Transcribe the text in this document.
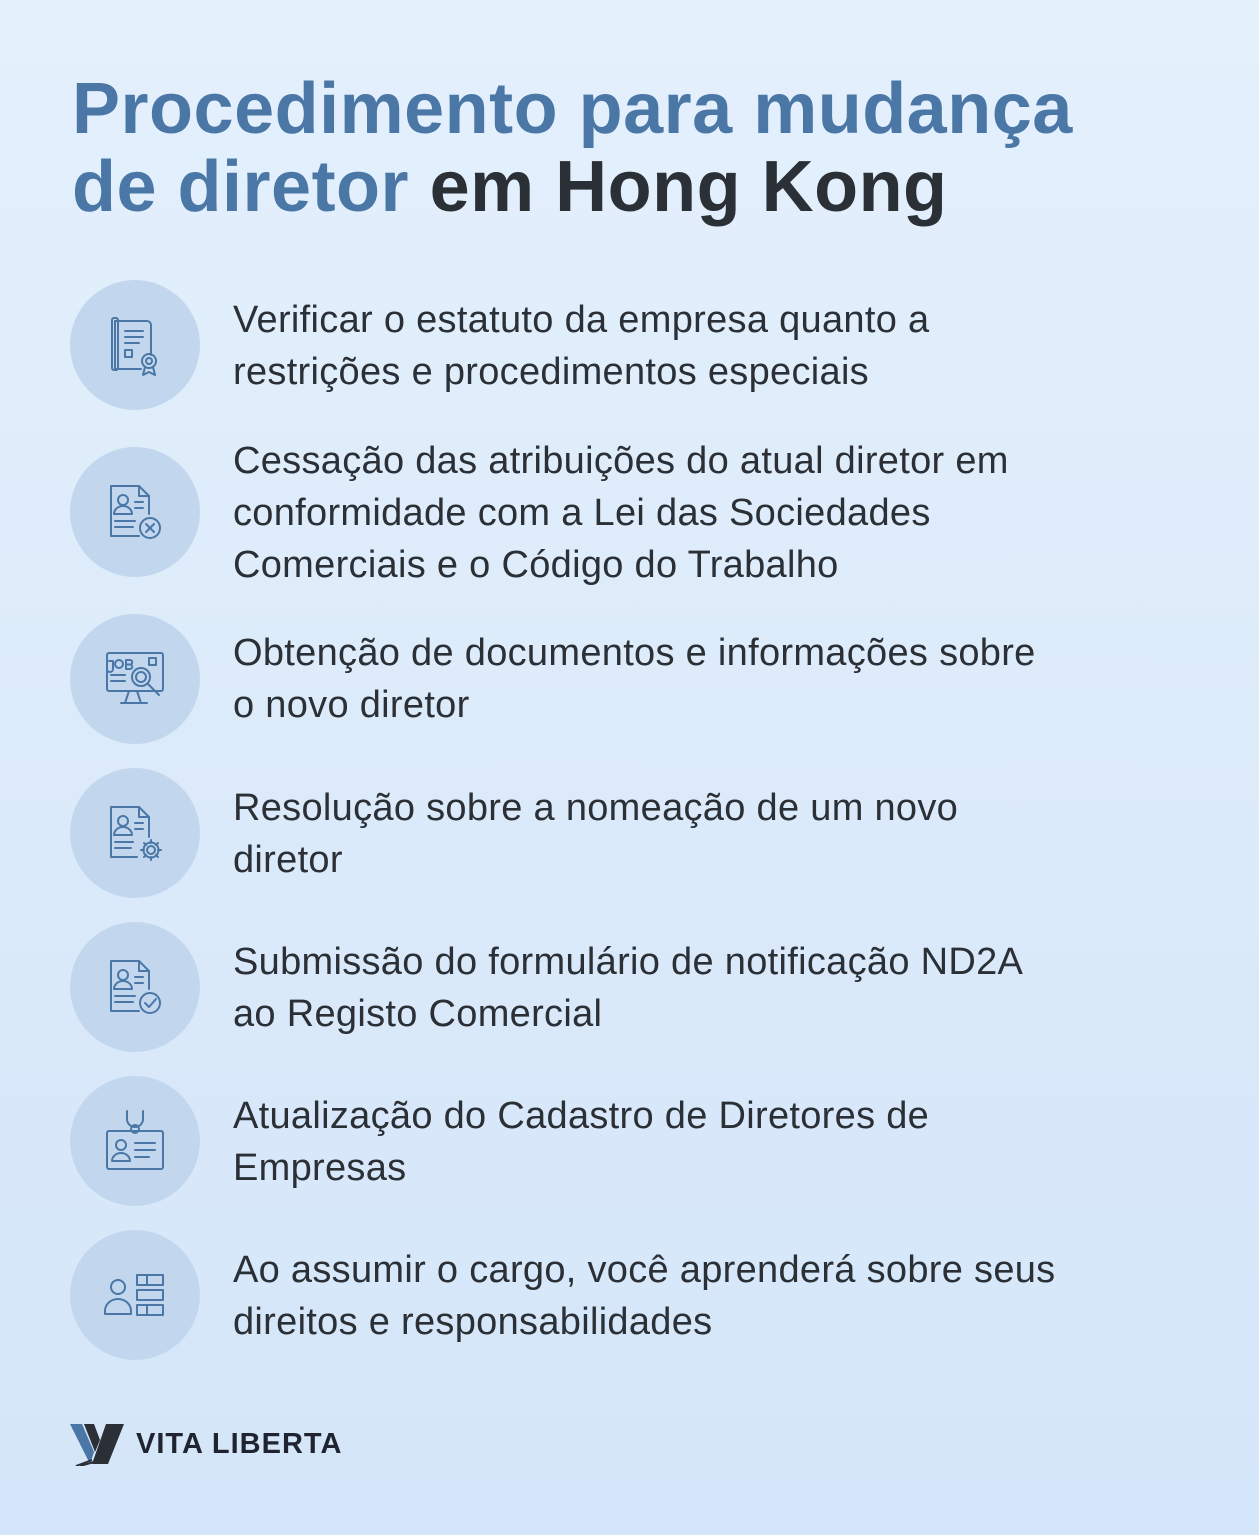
Procedimento para mudança
de diretor em Hong Kong

Verificar o estatuto da empresa quanto a
restrições e procedimentos especiais

Cessação das atribuições do atual diretor em
conformidade com a Lei das Sociedades
Comerciais e o Código do Trabalho

Obtenção de documentos e informações sobre
o novo diretor

Resolução sobre a nomeação de um novo
diretor

Submissão do formulário de notificação ND2A
ao Registo Comercial

Atualização do Cadastro de Diretores de
Empresas

Ao assumir o cargo, você aprenderá sobre seus
direitos e responsabilidades

VITA LIBERTA
